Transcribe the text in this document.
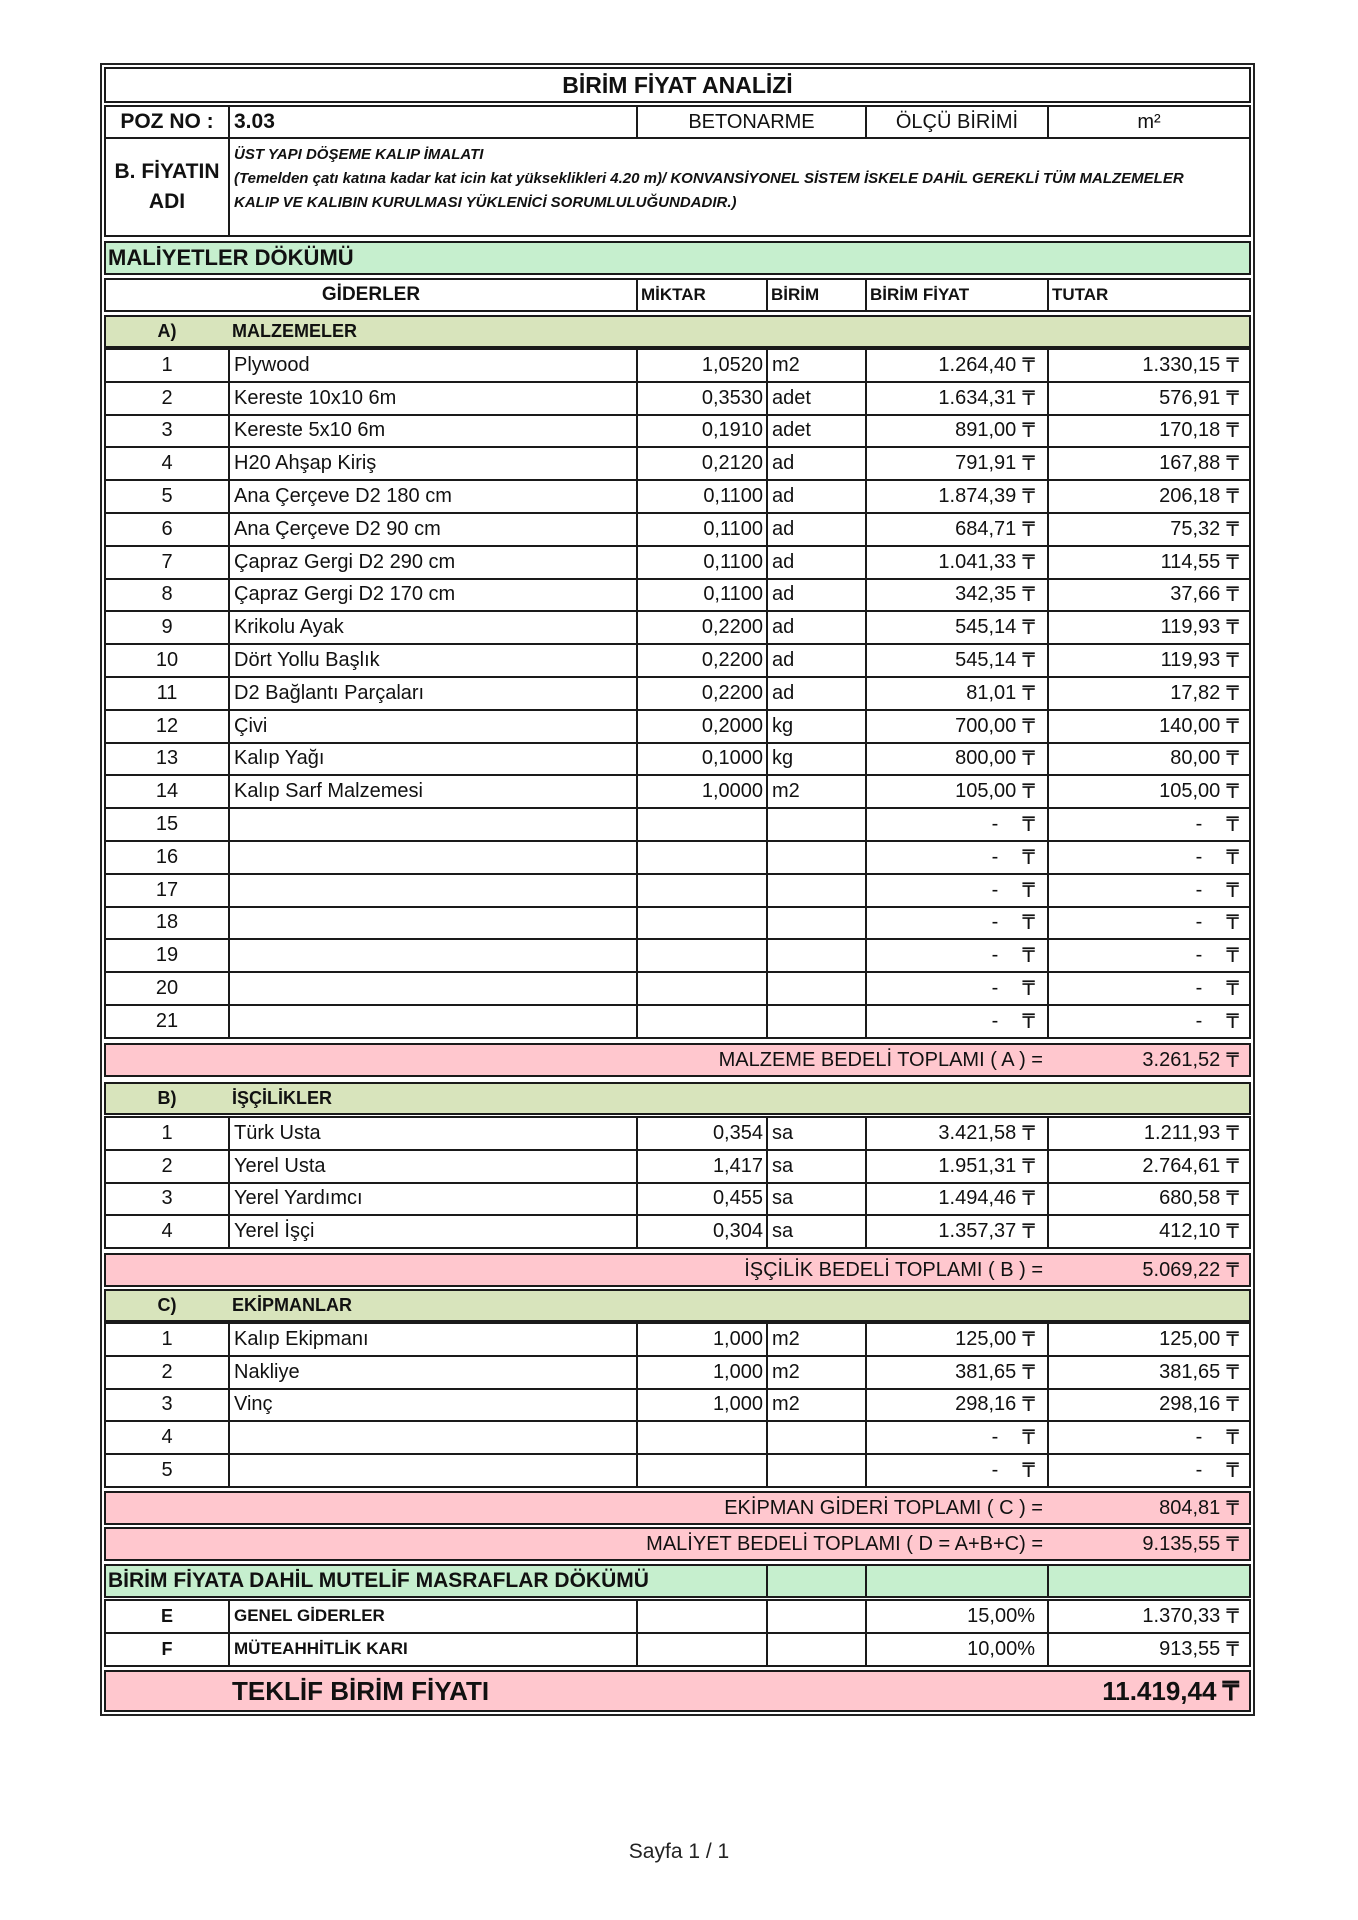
BİRİM FİYAT ANALİZİ
POZ NO : 3.03	BETONARME	ÖLÇÜ BİRİMİ	m²
B. FİYATIN
ADI
ÜST YAPI DÖŞEME KALIP İMALATI
(Temelden çatı katına kadar kat icin kat yükseklikleri 4.20 m)/ KONVANSİYONEL SİSTEM İSKELE DAHİL GEREKLİ TÜM MALZEMELER
KALIP VE KALIBIN KURULMASI YÜKLENİCİ SORUMLULUĞUNDADIR.)
MALİYETLER DÖKÜMÜ
GİDERLER	MİKTAR	BİRİM	BİRİM FİYAT	TUTAR
A)	MALZEMELER
1	Plywood	1,0520 m2	1.264,40 ₸	1.330,15 ₸
2	Kereste 10x10 6m	0,3530 adet	1.634,31 ₸	576,91 ₸
3	Kereste 5x10 6m	0,1910 adet	891,00 ₸	170,18 ₸
4	H20 Ahşap Kiriş	0,2120 ad	791,91 ₸	167,88 ₸
5	Ana Çerçeve D2 180 cm	0,1100 ad	1.874,39 ₸	206,18 ₸
6	Ana Çerçeve D2 90 cm	0,1100 ad	684,71 ₸	75,32 ₸
7	Çapraz Gergi D2 290 cm	0,1100 ad	1.041,33 ₸	114,55 ₸
8	Çapraz Gergi D2 170 cm	0,1100 ad	342,35 ₸	37,66 ₸
9	Krikolu Ayak	0,2200 ad	545,14 ₸	119,93 ₸
10	Dört Yollu Başlık	0,2200 ad	545,14 ₸	119,93 ₸
11	D2 Bağlantı Parçaları	0,2200 ad	81,01 ₸	17,82 ₸
12	Çivi	0,2000 kg	700,00 ₸	140,00 ₸
13	Kalıp Yağı	0,1000 kg	800,00 ₸	80,00 ₸
14	Kalıp Sarf Malzemesi	1,0000 m2	105,00 ₸	105,00 ₸
15	- ₸	- ₸
16	- ₸	- ₸
17	- ₸	- ₸
18	- ₸	- ₸
19	- ₸	- ₸
20	- ₸	- ₸
21	- ₸	- ₸
MALZEME BEDELİ TOPLAMI ( A ) =	3.261,52 ₸
B)	İŞÇİLİKLER
1	Türk Usta	0,354 sa	3.421,58 ₸	1.211,93 ₸
2	Yerel Usta	1,417 sa	1.951,31 ₸	2.764,61 ₸
3	Yerel Yardımcı	0,455 sa	1.494,46 ₸	680,58 ₸
4	Yerel İşçi	0,304 sa	1.357,37 ₸	412,10 ₸
İŞÇİLİK BEDELİ TOPLAMI ( B ) =	5.069,22 ₸
C)	EKİPMANLAR
1	Kalıp Ekipmanı	1,000 m2	125,00 ₸	125,00 ₸
2	Nakliye	1,000 m2	381,65 ₸	381,65 ₸
3	Vinç	1,000 m2	298,16 ₸	298,16 ₸
4	- ₸	- ₸
5	- ₸	- ₸
EKİPMAN GİDERİ TOPLAMI ( C ) =	804,81 ₸
MALİYET BEDELİ TOPLAMI ( D = A+B+C) =	9.135,55 ₸
BİRİM FİYATA DAHİL MUTELİF MASRAFLAR DÖKÜMÜ
E	GENEL GİDERLER	15,00%	1.370,33 ₸
F	MÜTEAHHİTLİK KARI	10,00%	913,55 ₸
TEKLİF BİRİM FİYATI	11.419,44 ₸
Sayfa 1 / 1
